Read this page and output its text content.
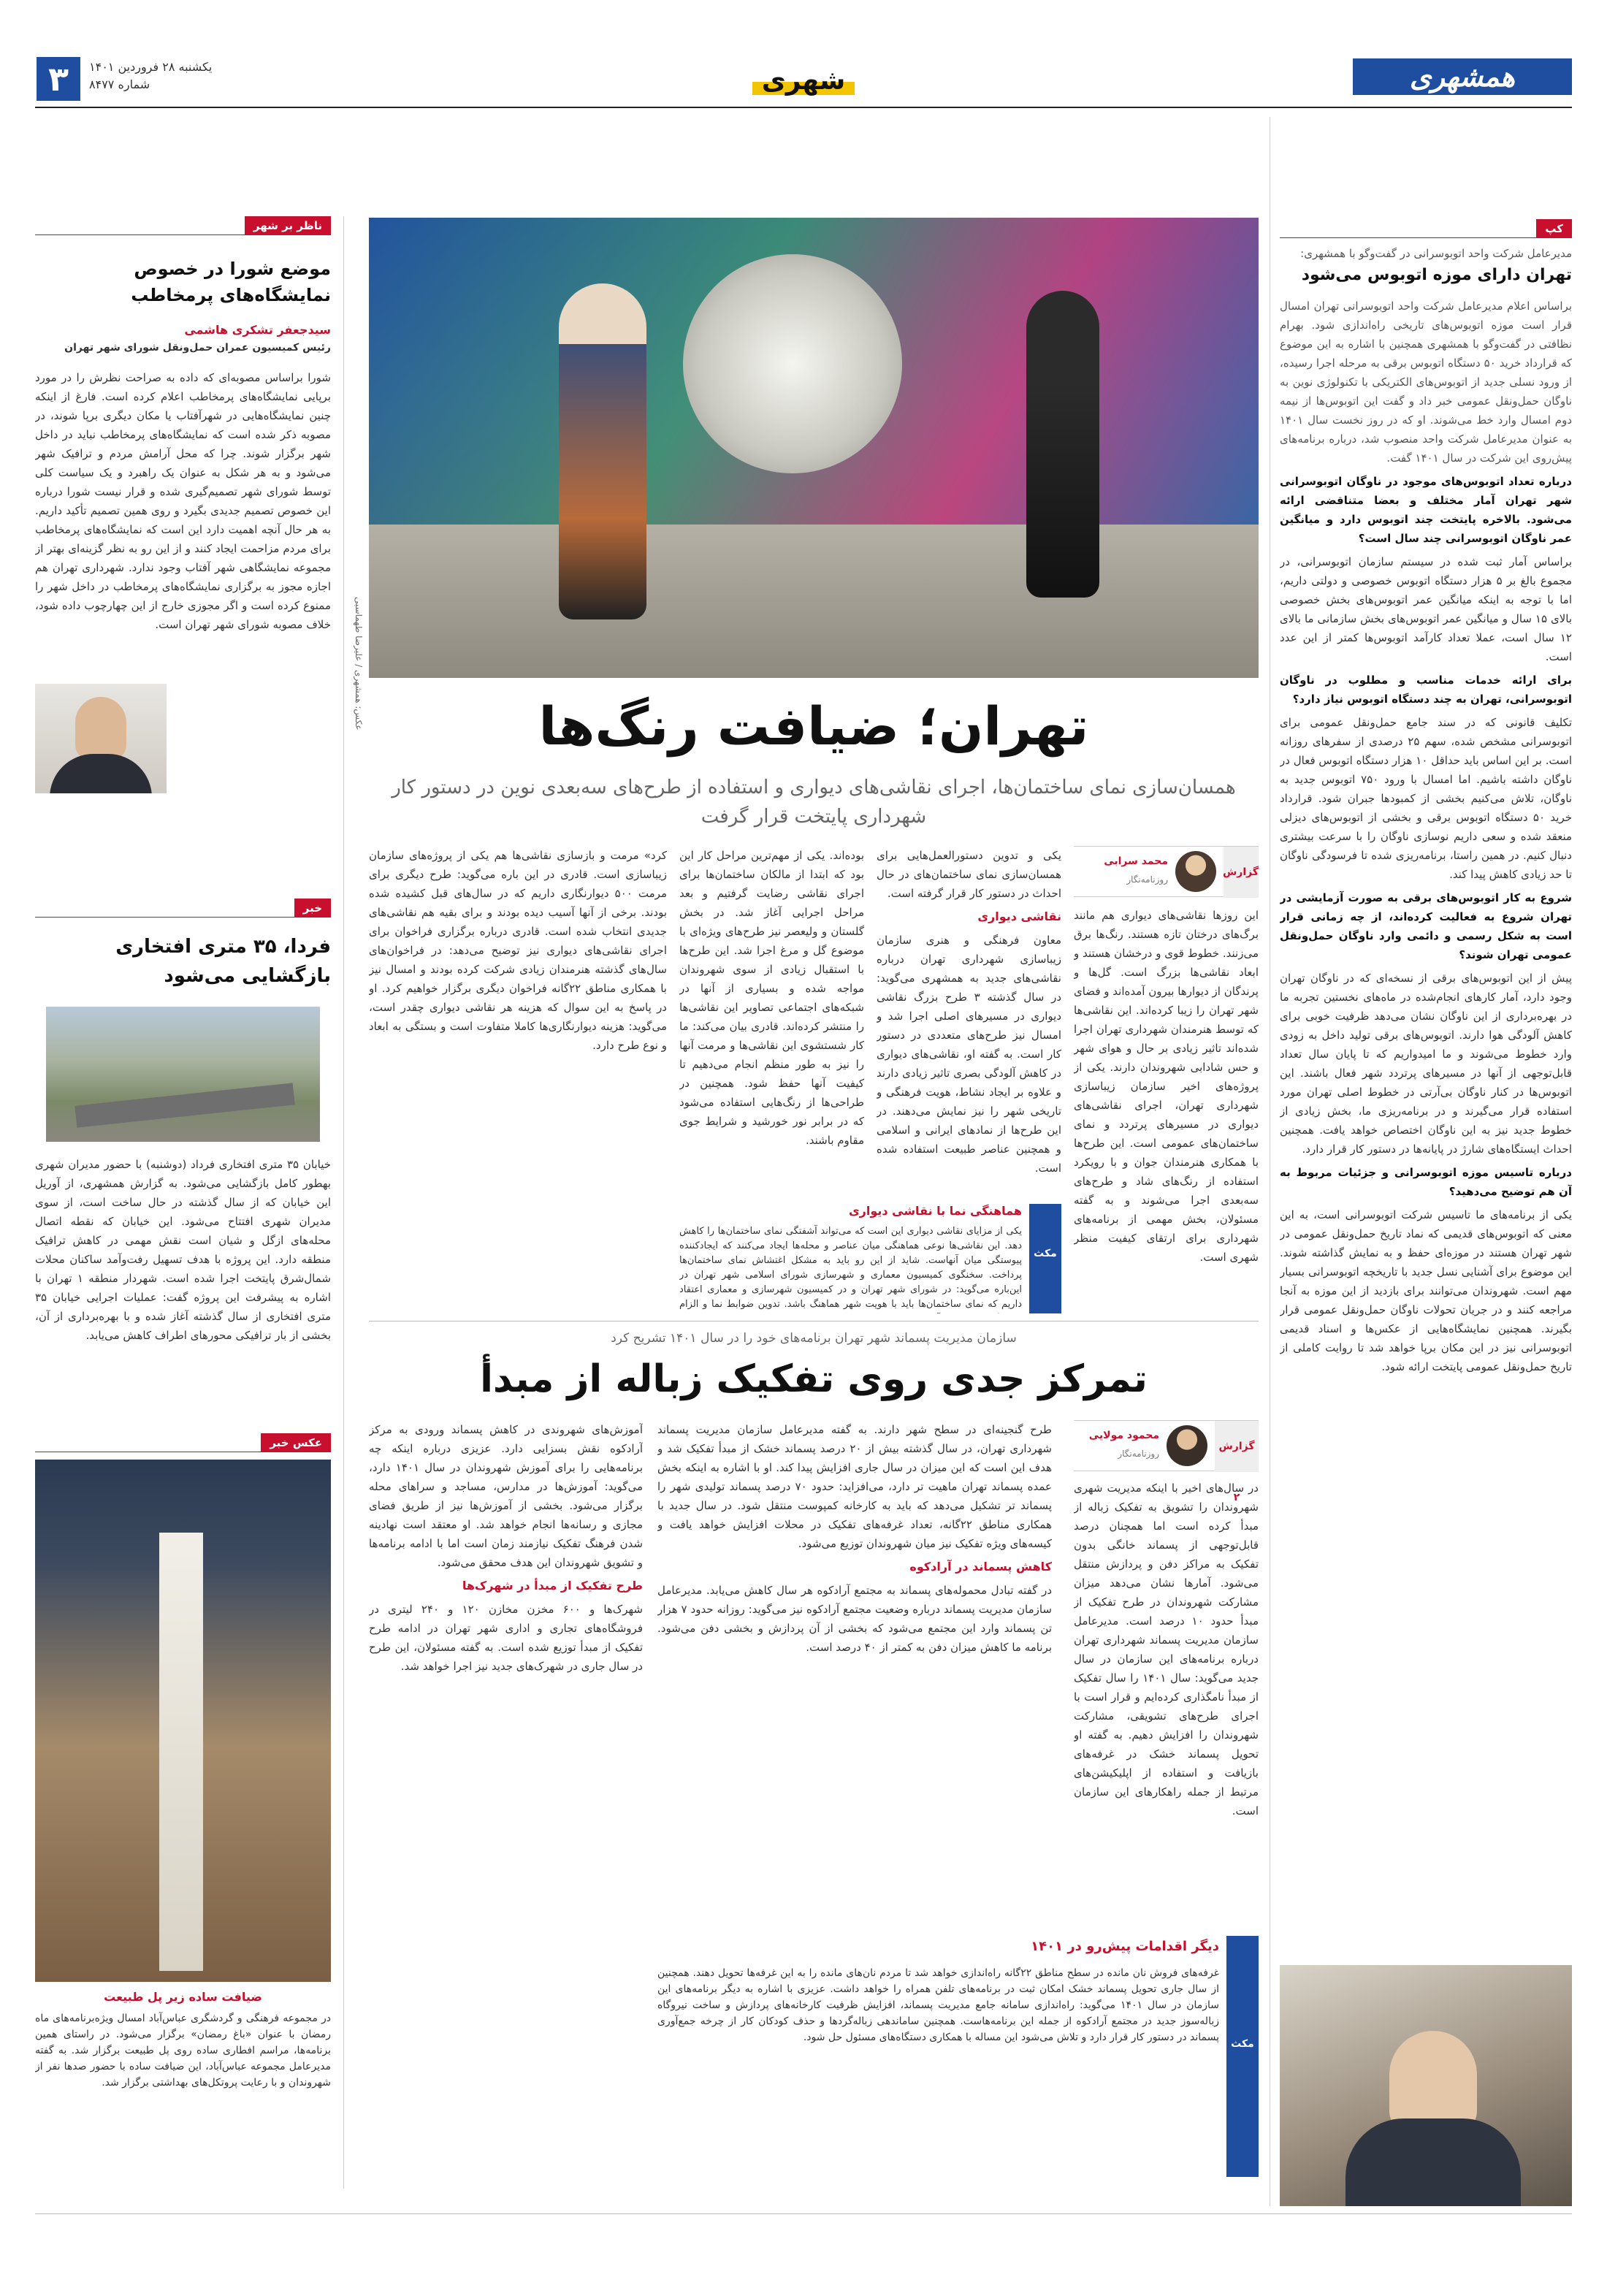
۳	یکشنبه ۲۸ فروردین ۱۴۰۱
شماره ۸۴۷۷	شهری	همشهری
کپ
مدیرعامل شرکت واحد اتوبوسرانی در گفت‌وگو با همشهری:
تهران دارای موزه اتوبوس می‌شود

براساس اعلام مدیرعامل شرکت واحد اتوبوسرانی تهران امسال قرار است موزه اتوبوس‌های تاریخی راه‌اندازی شود. بهرام نظافتی در گفت‌وگو با همشهری همچنین با اشاره به این موضوع که قرارداد خرید ۵۰ دستگاه اتوبوس برقی به مرحله اجرا رسیده، از ورود نسلی جدید از اتوبوس‌های الکتریکی با تکنولوژی نوین به ناوگان حمل‌ونقل عمومی خبر داد و گفت این اتوبوس‌ها از نیمه دوم امسال وارد خط می‌شوند. او که در روز نخست سال ۱۴۰۱ به عنوان مدیرعامل شرکت واحد منصوب شد، درباره برنامه‌های پیش‌روی این شرکت در سال ۱۴۰۱ گفت.

درباره تعداد اتوبوس‌های موجود در ناوگان اتوبوسرانی شهر تهران آمار مختلف و بعضا متناقضی ارائه می‌شود. بالاخره پایتخت چند اتوبوس دارد و میانگین عمر ناوگان اتوبوسرانی چند سال است؟

براساس آمار ثبت شده در سیستم سازمان اتوبوسرانی، در مجموع بالغ بر ۵ هزار دستگاه اتوبوس خصوصی و دولتی داریم، اما با توجه به اینکه میانگین عمر اتوبوس‌های بخش خصوصی بالای ۱۵ سال و میانگین عمر اتوبوس‌های بخش سازمانی ما بالای ۱۲ سال است، عملا تعداد کارآمد اتوبوس‌ها کمتر از این عدد است.

برای ارائه خدمات مناسب و مطلوب در ناوگان اتوبوسرانی، تهران به چند دستگاه اتوبوس نیاز دارد؟

تکلیف قانونی که در سند جامع حمل‌ونقل عمومی برای اتوبوسرانی مشخص شده، سهم ۲۵ درصدی از سفرهای روزانه است. بر این اساس باید حداقل ۱۰ هزار دستگاه اتوبوس فعال در ناوگان داشته باشیم. اما امسال با ورود ۷۵۰ اتوبوس جدید به ناوگان، تلاش می‌کنیم بخشی از کمبودها جبران شود. قرارداد خرید ۵۰ دستگاه اتوبوس برقی و بخشی از اتوبوس‌های دیزلی منعقد شده و سعی داریم نوسازی ناوگان را با سرعت بیشتری دنبال کنیم. در همین راستا، برنامه‌ریزی شده تا فرسودگی ناوگان تا حد زیادی کاهش پیدا کند.

شروع به کار اتوبوس‌های برقی به صورت آزمایشی در تهران شروع به فعالیت کرده‌اند، از چه زمانی قرار است به شکل رسمی و دائمی وارد ناوگان حمل‌ونقل عمومی تهران شوند؟

پیش از این اتوبوس‌های برقی از نسخه‌ای که در ناوگان تهران وجود دارد، آمار کارهای انجام‌شده در ماه‌های نخستین تجربه ما در بهره‌برداری از این ناوگان نشان می‌دهد ظرفیت خوبی برای کاهش آلودگی هوا دارند. اتوبوس‌های برقی تولید داخل به زودی وارد خطوط می‌شوند و ما امیدواریم که تا پایان سال تعداد قابل‌توجهی از آنها در مسیرهای پرتردد شهر فعال باشند. این اتوبوس‌ها در کنار ناوگان بی‌آرتی در خطوط اصلی تهران مورد استفاده قرار می‌گیرند و در برنامه‌ریزی ما، بخش زیادی از خطوط جدید نیز به این ناوگان اختصاص خواهد یافت. همچنین احداث ایستگاه‌های شارژ در پایانه‌ها در دستور کار قرار دارد.

درباره تاسیس موزه اتوبوسرانی و جزئیات مربوط به آن هم توضیح می‌دهید؟

یکی از برنامه‌های ما تاسیس شرکت اتوبوسرانی است، به این معنی که اتوبوس‌های قدیمی که نماد تاریخ حمل‌ونقل عمومی در شهر تهران هستند در موزه‌ای حفظ و به نمایش گذاشته شوند. این موضوع برای آشنایی نسل جدید با تاریخچه اتوبوسرانی بسیار مهم است. شهروندان می‌توانند برای بازدید از این موزه به آنجا مراجعه کنند و در جریان تحولات ناوگان حمل‌ونقل عمومی قرار بگیرند. همچنین نمایشگاه‌هایی از عکس‌ها و اسناد قدیمی اتوبوسرانی نیز در این مکان برپا خواهد شد تا روایت کاملی از تاریخ حمل‌ونقل عمومی پایتخت ارائه شود.

عکس: همشهری / علیرضا طهماسبی	تهران؛ ضیافت رنگ‌ها
همسان‌سازی نمای ساختمان‌ها، اجرای نقاشی‌های دیواری و استفاده از طرح‌های سه‌بعدی نوین در دستور کار شهرداری پایتخت قرار گرفت
گزارش
محمد سرابی
روزنامه‌نگار
این روزها نقاشی‌های دیواری هم مانند برگ‌های درختان تازه هستند. رنگ‌ها برق می‌زنند. خطوط قوی و درخشان هستند و ابعاد نقاشی‌ها بزرگ است. گل‌ها و پرندگان از دیوارها بیرون آمده‌اند و فضای شهر تهران را زیبا کرده‌اند. این نقاشی‌ها که توسط هنرمندان شهرداری تهران اجرا شده‌اند تاثیر زیادی بر حال و هوای شهر و حس شادابی شهروندان دارند. یکی از پروژه‌های اخیر سازمان زیباسازی شهرداری تهران، اجرای نقاشی‌های دیواری در مسیرهای پرتردد و نمای ساختمان‌های عمومی است. این طرح‌ها با همکاری هنرمندان جوان و با رویکرد استفاده از رنگ‌های شاد و طرح‌های سه‌بعدی اجرا می‌شوند و به گفته مسئولان، بخش مهمی از برنامه‌های شهرداری برای ارتقای کیفیت منظر شهری است.

یکی و تدوین دستورالعمل‌هایی برای همسان‌سازی نمای ساختمان‌های در حال احداث در دستور کار قرار گرفته است.

نقاشی دیواری

معاون فرهنگی و هنری سازمان زیباسازی شهرداری تهران درباره نقاشی‌های جدید به همشهری می‌گوید: در سال گذشته ۳ طرح بزرگ نقاشی دیواری در مسیرهای اصلی اجرا شد و امسال نیز طرح‌های متعددی در دستور کار است. به گفته او، نقاشی‌های دیواری در کاهش آلودگی بصری تاثیر زیادی دارند و علاوه بر ایجاد نشاط، هویت فرهنگی و تاریخی شهر را نیز نمایش می‌دهند. در این طرح‌ها از نمادهای ایرانی و اسلامی و همچنین عناصر طبیعت استفاده شده است.

بوده‌اند. یکی از مهم‌ترین مراحل کار این بود که ابتدا از مالکان ساختمان‌ها برای اجرای نقاشی رضایت گرفتیم و بعد مراحل اجرایی آغاز شد. در بخش گلستان و ولیعصر نیز طرح‌های ویژه‌ای با موضوع گل و مرغ اجرا شد. این طرح‌ها با استقبال زیادی از سوی شهروندان مواجه شده و بسیاری از آنها در شبکه‌های اجتماعی تصاویر این نقاشی‌ها را منتشر کرده‌اند. قادری بیان می‌کند: ما کار شستشوی این نقاشی‌ها و مرمت آنها را نیز به طور منظم انجام می‌دهیم تا کیفیت آنها حفظ شود. همچنین در طراحی‌ها از رنگ‌هایی استفاده می‌شود که در برابر نور خورشید و شرایط جوی مقاوم باشند.
کرد» مرمت و بازسازی نقاشی‌ها هم یکی از پروژه‌های سازمان زیباسازی است. قادری در این باره می‌گوید: طرح دیگری برای مرمت ۵۰۰ دیوارنگاری داریم که در سال‌های قبل کشیده شده بودند. برخی از آنها آسیب دیده بودند و برای بقیه هم نقاشی‌های جدیدی انتخاب شده است. قادری درباره برگزاری فراخوان برای اجرای نقاشی‌های دیواری نیز توضیح می‌دهد: در فراخوان‌های سال‌های گذشته هنرمندان زیادی شرکت کرده بودند و امسال نیز با همکاری مناطق ۲۲گانه فراخوان دیگری برگزار خواهیم کرد. او در پاسخ به این سوال که هزینه هر نقاشی دیواری چقدر است، می‌گوید: هزینه دیوارنگاری‌ها کاملا متفاوت است و بستگی به ابعاد و نوع طرح دارد.
مکث
هماهنگی نما با نقاشی دیواری
یکی از مزایای نقاشی دیواری این است که می‌تواند آشفتگی نمای ساختمان‌ها را کاهش دهد. این نقاشی‌ها نوعی هماهنگی میان عناصر و محله‌ها ایجاد می‌کنند که ایجادکننده پیوستگی میان آنهاست. شاید از این رو باید به مشکل اغتشاش نمای ساختمان‌ها پرداخت. سخنگوی کمیسیون معماری و شهرسازی شورای اسلامی شهر تهران در این‌باره می‌گوید: در شورای شهر تهران و در کمیسیون شهرسازی و معماری اعتقاد داریم که نمای ساختمان‌ها باید با هویت شهر هماهنگ باشد. تدوین ضوابط نما و الزام
سازمان مدیریت پسماند شهر تهران برنامه‌های خود را در سال ۱۴۰۱ تشریح کرد
تمرکز جدی روی تفکیک زباله از مبدأ
گزارش ۲
محمود مولایی
روزنامه‌نگار
در سال‌های اخیر با اینکه مدیریت شهری شهروندان را تشویق به تفکیک زباله از مبدأ کرده است اما همچنان درصد قابل‌توجهی از پسماند خانگی بدون تفکیک به مراکز دفن و پردازش منتقل می‌شود. آمارها نشان می‌دهد میزان مشارکت شهروندان در طرح تفکیک از مبدأ حدود ۱۰ درصد است. مدیرعامل سازمان مدیریت پسماند شهرداری تهران درباره برنامه‌های این سازمان در سال جدید می‌گوید: سال ۱۴۰۱ را سال تفکیک از مبدأ نامگذاری کرده‌ایم و قرار است با اجرای طرح‌های تشویقی، مشارکت شهروندان را افزایش دهیم. به گفته او تحویل پسماند خشک در غرفه‌های بازیافت و استفاده از اپلیکیشن‌های مرتبط از جمله راهکارهای این سازمان است.

طرح گنجینه‌ای در سطح شهر دارند. به گفته مدیرعامل سازمان مدیریت پسماند شهرداری تهران، در سال گذشته بیش از ۲۰ درصد پسماند خشک از مبدأ تفکیک شد و هدف این است که این میزان در سال جاری افزایش پیدا کند. او با اشاره به اینکه بخش عمده پسماند تهران ماهیت تر دارد، می‌افزاید: حدود ۷۰ درصد پسماند تولیدی شهر را پسماند تر تشکیل می‌دهد که باید به کارخانه کمپوست منتقل شود. در سال جدید با همکاری مناطق ۲۲گانه، تعداد غرفه‌های تفکیک در محلات افزایش خواهد یافت و کیسه‌های ویژه تفکیک نیز میان شهروندان توزیع می‌شود.

کاهش پسماند در آرادکوه

در گفته تبادل محموله‌های پسماند به مجتمع آرادکوه هر سال کاهش می‌یابد. مدیرعامل سازمان مدیریت پسماند درباره وضعیت مجتمع آرادکوه نیز می‌گوید: روزانه حدود ۷ هزار تن پسماند وارد این مجتمع می‌شود که بخشی از آن پردازش و بخشی دفن می‌شود. برنامه ما کاهش میزان دفن به کمتر از ۴۰ درصد است.

آموزش‌های شهروندی در کاهش پسماند ورودی به مرکز آرادکوه نقش بسزایی دارد. عزیزی درباره اینکه چه برنامه‌هایی را برای آموزش شهروندان در سال ۱۴۰۱ دارد، می‌گوید: آموزش‌ها در مدارس، مساجد و سراهای محله برگزار می‌شود. بخشی از آموزش‌ها نیز از طریق فضای مجازی و رسانه‌ها انجام خواهد شد. او معتقد است نهادینه شدن فرهنگ تفکیک نیازمند زمان است اما با ادامه برنامه‌ها و تشویق شهروندان این هدف محقق می‌شود.

طرح تفکیک از مبدأ در شهرک‌ها

شهرک‌ها و ۶۰۰ مخزن مخازن ۱۲۰ و ۲۴۰ لیتری در فروشگاه‌های تجاری و اداری شهر تهران در ادامه طرح تفکیک از مبدأ توزیع شده است. به گفته مسئولان، این طرح در سال جاری در شهرک‌های جدید نیز اجرا خواهد شد.

مکث
دیگر اقدامات پیش‌رو در ۱۴۰۱
غرفه‌های فروش نان مانده در سطح مناطق ۲۲گانه راه‌اندازی خواهد شد تا مردم نان‌های مانده را به این غرفه‌ها تحویل دهند. همچنین از سال جاری تحویل پسماند خشک امکان ثبت در برنامه‌های تلفن همراه را خواهد داشت. عزیزی با اشاره به دیگر برنامه‌های این سازمان در سال ۱۴۰۱ می‌گوید: راه‌اندازی سامانه جامع مدیریت پسماند، افزایش ظرفیت کارخانه‌های پردازش و ساخت نیروگاه زباله‌سوز جدید در مجتمع آرادکوه از جمله این برنامه‌هاست. همچنین ساماندهی زباله‌گردها و حذف کودکان کار از چرخه جمع‌آوری پسماند در دستور کار قرار دارد و تلاش می‌شود این مساله با همکاری دستگاه‌های مسئول حل شود.
ناظر بر شهر
موضع شورا در خصوص نمایشگاه‌های پرمخاطب
سیدجعفر تشکری هاشمی
رئیس کمیسیون عمران حمل‌ونقل شورای شهر تهران
شورا براساس مصوبه‌ای که داده به صراحت نظرش را در مورد برپایی نمایشگاه‌های پرمخاطب اعلام کرده است. فارغ از اینکه چنین نمایشگاه‌هایی در شهرآفتاب یا مکان دیگری برپا شوند، در مصوبه ذکر شده است که نمایشگاه‌های پرمخاطب نباید در داخل شهر برگزار شوند. چرا که محل آرامش مردم و ترافیک شهر می‌شود و به هر شکل به عنوان یک راهبرد و یک سیاست کلی توسط شورای شهر تصمیم‌گیری شده و قرار نیست شورا درباره این خصوص تصمیم جدیدی بگیرد و روی همین تصمیم تأکید داریم. به هر حال آنچه اهمیت دارد این است که نمایشگاه‌های پرمخاطب برای مردم مزاحمت ایجاد کنند و از این رو به نظر گزینه‌ای بهتر از مجموعه نمایشگاهی شهر آفتاب وجود ندارد. شهرداری تهران هم اجازه مجوز به برگزاری نمایشگاه‌های پرمخاطب در داخل شهر را ممنوع کرده است و اگر مجوزی خارج از این چهارچوب داده شود، خلاف مصوبه شورای شهر تهران است.
خبر
فردا، ۳۵ متری افتخاری بازگشایی می‌شود
خیابان ۳۵ متری افتخاری فرداد (دوشنبه) با حضور مدیران شهری بهطور کامل بازگشایی می‌شود. به گزارش همشهری، از آوریل این خیابان که از سال گذشته در حال ساخت است، از سوی مدیران شهری افتتاح می‌شود. این خیابان که نقطه اتصال محله‌های ازگل و شیان است نقش مهمی در کاهش ترافیک منطقه دارد. این پروژه با هدف تسهیل رفت‌وآمد ساکنان محلات شمال‌شرق پایتخت اجرا شده است. شهردار منطقه ۱ تهران با اشاره به پیشرفت این پروژه گفت: عملیات اجرایی خیابان ۳۵ متری افتخاری از سال گذشته آغاز شده و با بهره‌برداری از آن، بخشی از بار ترافیکی محورهای اطراف کاهش می‌یابد.
عکس خبر
ضیافت ساده زیر پل طبیعت
در مجموعه فرهنگی و گردشگری عباس‌آباد امسال ویژه‌برنامه‌های ماه رمضان با عنوان «باغ رمضان» برگزار می‌شود. در راستای همین برنامه‌ها، مراسم افطاری ساده روی پل طبیعت برگزار شد. به گفته مدیرعامل مجموعه عباس‌آباد، این ضیافت ساده با حضور صدها نفر از شهروندان و با رعایت پروتکل‌های بهداشتی برگزار شد.
